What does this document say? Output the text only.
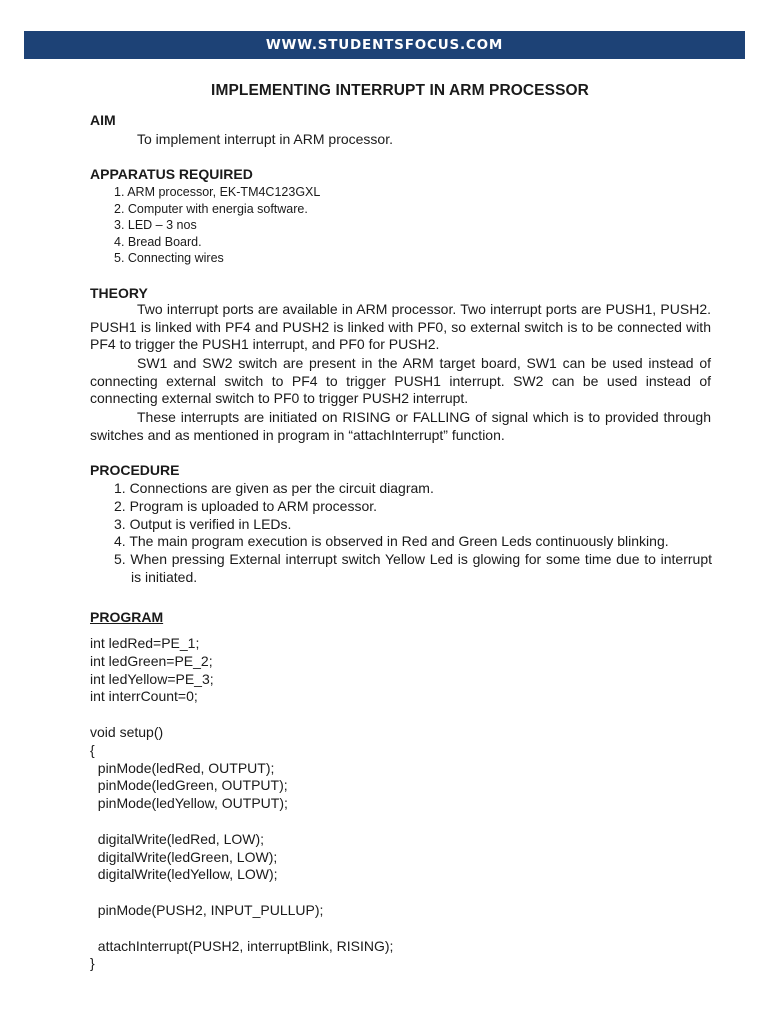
WWW.STUDENTSFOCUS.COM
IMPLEMENTING INTERRUPT IN ARM PROCESSOR
AIM
To implement interrupt in ARM processor.
APPARATUS REQUIRED
1. ARM processor, EK-TM4C123GXL
2. Computer with energia software.
3. LED – 3 nos
4. Bread Board.
5. Connecting wires
THEORY

Two interrupt ports are available in ARM processor. Two interrupt ports are PUSH1, PUSH2. PUSH1 is linked with PF4 and PUSH2 is linked with PF0, so external switch is to be connected with PF4 to trigger the PUSH1 interrupt, and PF0 for PUSH2.

SW1 and SW2 switch are present in the ARM target board, SW1 can be used instead of connecting external switch to PF4 to trigger PUSH1 interrupt. SW2 can be used instead of connecting external switch to PF0 to trigger PUSH2 interrupt.

These interrupts are initiated on RISING or FALLING of signal which is to provided through switches and as mentioned in program in “attachInterrupt” function.

PROCEDURE
1. Connections are given as per the circuit diagram.
2. Program is uploaded to ARM processor.
3. Output is verified in LEDs.
4. The main program execution is observed in Red and Green Leds continuously blinking.
5. When pressing External interrupt switch Yellow Led is glowing for some time due to interrupt is initiated.
PROGRAM
int ledRed=PE_1;
int ledGreen=PE_2;
int ledYellow=PE_3;
int interrCount=0;

void setup()
{
pinMode(ledRed, OUTPUT);
pinMode(ledGreen, OUTPUT);
pinMode(ledYellow, OUTPUT);

digitalWrite(ledRed, LOW);
digitalWrite(ledGreen, LOW);
digitalWrite(ledYellow, LOW);

pinMode(PUSH2, INPUT_PULLUP);

attachInterrupt(PUSH2, interruptBlink, RISING);
}
